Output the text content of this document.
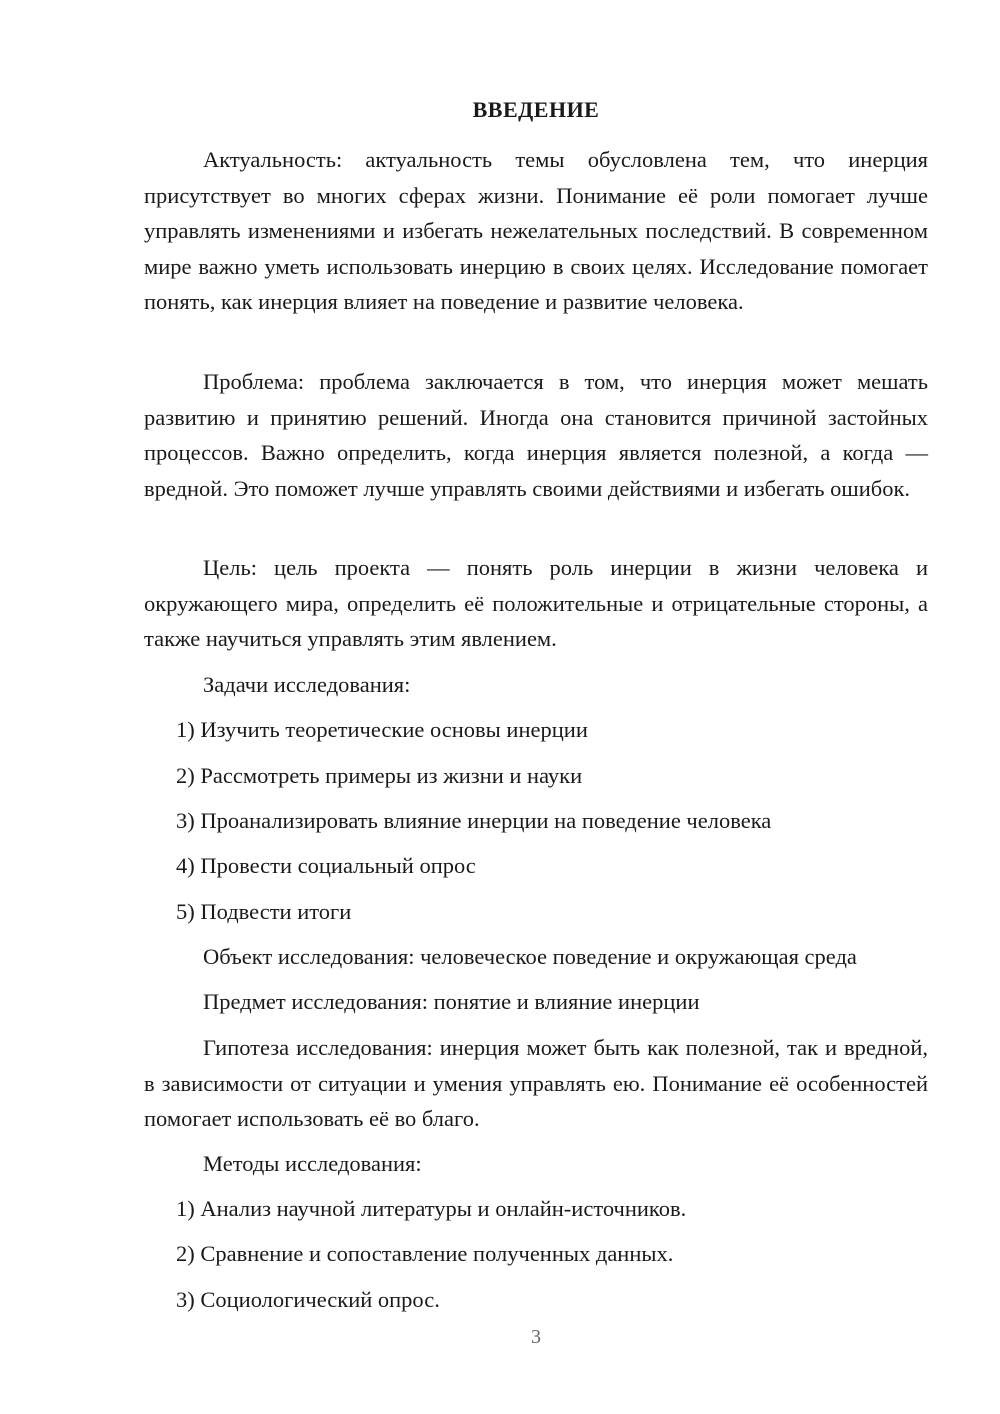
ВВЕДЕНИЕ

Актуальность: актуальность темы обусловлена тем, что инерция присутствует во многих сферах жизни. Понимание её роли помогает лучше управлять изменениями и избегать нежелательных последствий. В современном мире важно уметь использовать инерцию в своих целях. Исследование помогает понять, как инерция влияет на поведение и развитие человека.

Проблема: проблема заключается в том, что инерция может мешать развитию и принятию решений. Иногда она становится причиной застойных процессов. Важно определить, когда инерция является полезной, а когда — вредной. Это поможет лучше управлять своими действиями и избегать ошибок.

Цель: цель проекта — понять роль инерции в жизни человека и окружающего мира, определить её положительные и отрицательные стороны, а также научиться управлять этим явлением.

Задачи исследования:

1) Изучить теоретические основы инерции

2) Рассмотреть примеры из жизни и науки

3) Проанализировать влияние инерции на поведение человека

4) Провести социальный опрос

5) Подвести итоги

Объект исследования: человеческое поведение и окружающая среда

Предмет исследования: понятие и влияние инерции

Гипотеза исследования: инерция может быть как полезной, так и вредной, в зависимости от ситуации и умения управлять ею. Понимание её особенностей помогает использовать её во благо.

Методы исследования:

1) Анализ научной литературы и онлайн-источников.

2) Сравнение и сопоставление полученных данных.

3) Социологический опрос.

3
